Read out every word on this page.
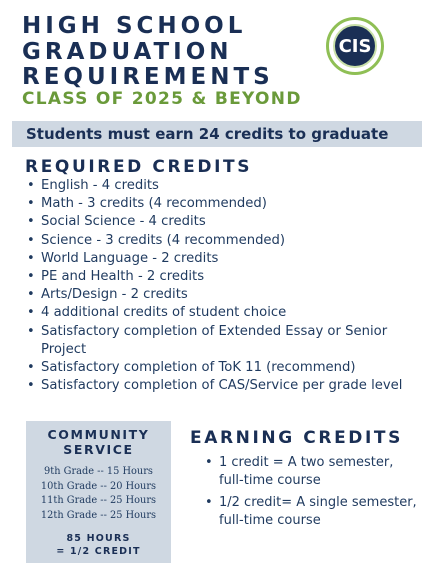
HIGH SCHOOL
GRADUATION
REQUIREMENTS
CLASS OF 2025 & BEYOND
CIS
Students must earn 24 credits to graduate
REQUIRED CREDITS
• English - 4 credits
• Math - 3 credits (4 recommended)
• Social Science - 4 credits
• Science - 3 credits (4 recommended)
• World Language - 2 credits
• PE and Health - 2 credits
• Arts/Design - 2 credits
• 4 additional credits of student choice
• Satisfactory completion of Extended Essay or Senior Project
• Satisfactory completion of ToK 11 (recommend)
• Satisfactory completion of CAS/Service per grade level
COMMUNITY
SERVICE
9th Grade -- 15 Hours
10th Grade -- 20 Hours
11th Grade -- 25 Hours
12th Grade -- 25 Hours
85 HOURS
= 1/2 CREDIT
EARNING CREDITS
• 1 credit = A two semester, full-time course
• 1/2 credit= A single semester, full-time course
